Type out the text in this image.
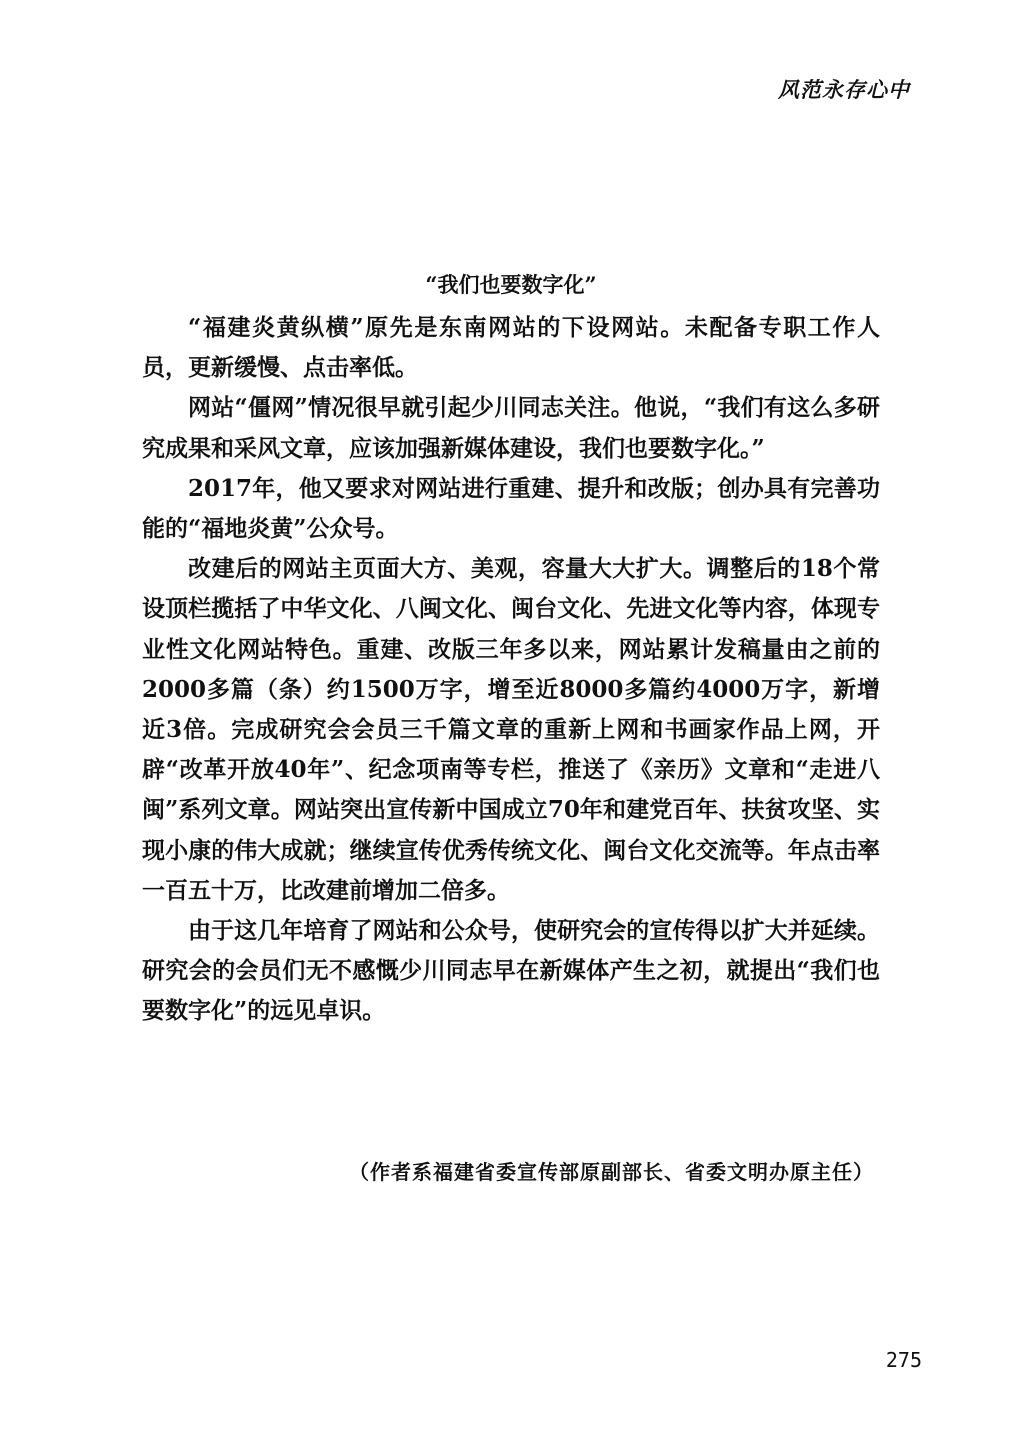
风范永存心中
“我们也要数字化”

“福建炎黄纵横”原先是东南网站的下设网站。未配备专职工作人员，更新缓慢、点击率低。

网站“僵网”情况很早就引起少川同志关注。他说，“我们有这么多研究成果和采风文章，应该加强新媒体建设，我们也要数字化。”

2017年，他又要求对网站进行重建、提升和改版；创办具有完善功能的“福地炎黄”公众号。

改建后的网站主页面大方、美观，容量大大扩大。调整后的18个常设顶栏揽括了中华文化、八闽文化、闽台文化、先进文化等内容，体现专业性文化网站特色。重建、改版三年多以来，网站累计发稿量由之前的2000多篇（条）约1500万字，增至近8000多篇约4000万字，新增近3倍。完成研究会会员三千篇文章的重新上网和书画家作品上网，开辟“改革开放40年”、纪念项南等专栏，推送了《亲历》文章和“走进八闽”系列文章。网站突出宣传新中国成立70年和建党百年、扶贫攻坚、实现小康的伟大成就；继续宣传优秀传统文化、闽台文化交流等。年点击率一百五十万，比改建前增加二倍多。

由于这几年培育了网站和公众号，使研究会的宣传得以扩大并延续。研究会的会员们无不感慨少川同志早在新媒体产生之初，就提出“我们也要数字化”的远见卓识。

（作者系福建省委宣传部原副部长、省委文明办原主任）
275
